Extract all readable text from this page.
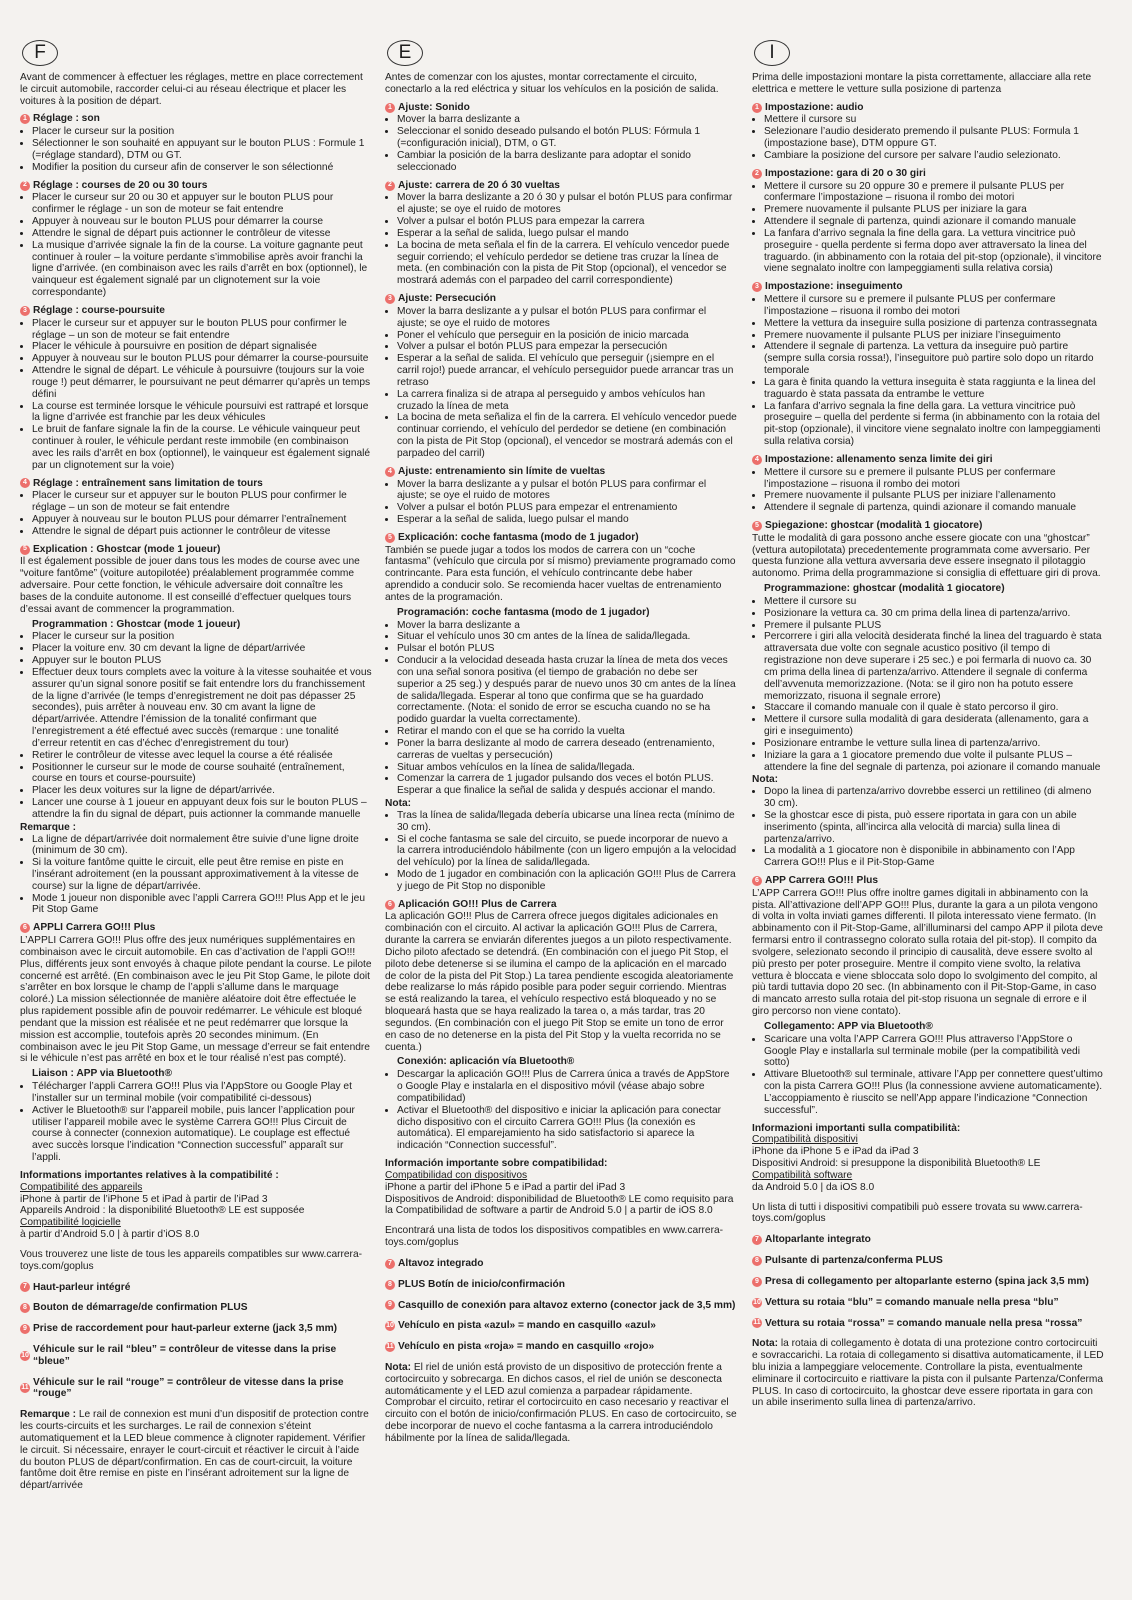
F
Avant de commencer à effectuer les réglages, mettre en place correctement le circuit automobile, raccorder celui-ci au réseau électrique et placer les voitures à la position de départ.
1 Réglage : son
• Placer le curseur sur la position
• Sélectionner le son souhaité en appuyant sur le bouton PLUS : Formule 1 (=réglage standard), DTM ou GT.
• Modifier la position du curseur afin de conserver le son sélectionné
2 Réglage : courses de 20 ou 30 tours
• Placer le curseur sur 20 ou 30 et appuyer sur le bouton PLUS pour confirmer le réglage - un son de moteur se fait entendre
• Appuyer à nouveau sur le bouton PLUS pour démarrer la course
• Attendre le signal de départ puis actionner le contrôleur de vitesse
• La musique d’arrivée signale la fin de la course. La voiture gagnante peut continuer à rouler – la voiture perdante s’immobilise après avoir franchi la ligne d’arrivée. (en combinaison avec les rails d’arrêt en box (optionnel), le vainqueur est également signalé par un clignotement sur la voie correspondante)
3 Réglage : course-poursuite
• Placer le curseur sur et appuyer sur le bouton PLUS pour confirmer le réglage – un son de moteur se fait entendre
• Placer le véhicule à poursuivre en position de départ signalisée
• Appuyer à nouveau sur le bouton PLUS pour démarrer la course-poursuite
• Attendre le signal de départ. Le véhicule à poursuivre (toujours sur la voie rouge !) peut démarrer, le poursuivant ne peut démarrer qu’après un temps défini
• La course est terminée lorsque le véhicule poursuivi est rattrapé et lorsque la ligne d’arrivée est franchie par les deux véhicules
• Le bruit de fanfare signale la fin de la course. Le véhicule vainqueur peut continuer à rouler, le véhicule perdant reste immobile (en combinaison avec les rails d’arrêt en box (optionnel), le vainqueur est également signalé par un clignotement sur la voie)
4 Réglage : entraînement sans limitation de tours
• Placer le curseur sur et appuyer sur le bouton PLUS pour confirmer le réglage – un son de moteur se fait entendre
• Appuyer à nouveau sur le bouton PLUS pour démarrer l’entraînement
• Attendre le signal de départ puis actionner le contrôleur de vitesse
5 Explication : Ghostcar (mode 1 joueur)
Il est également possible de jouer dans tous les modes de course avec une “voiture fantôme” (voiture autopilotée) préalablement programmée comme adversaire. Pour cette fonction, le véhicule adversaire doit connaître les bases de la conduite autonome. Il est conseillé d’effectuer quelques tours d’essai avant de commencer la programmation.
Programmation : Ghostcar (mode 1 joueur)
• Placer le curseur sur la position
• Placer la voiture env. 30 cm devant la ligne de départ/arrivée
• Appuyer sur le bouton PLUS
• Effectuer deux tours complets avec la voiture à la vitesse souhaitée et vous assurer qu’un signal sonore positif se fait entendre lors du franchissement de la ligne d’arrivée (le temps d’enregistrement ne doit pas dépasser 25 secondes), puis arrêter à nouveau env. 30 cm avant la ligne de départ/arrivée. Attendre l’émission de la tonalité confirmant que l’enregistrement a été effectué avec succès (remarque : une tonalité d’erreur retentit en cas d’échec d’enregistrement du tour)
• Retirer le contrôleur de vitesse avec lequel la course a été réalisée
• Positionner le curseur sur le mode de course souhaité (entraînement, course en tours et course-poursuite)
• Placer les deux voitures sur la ligne de départ/arrivée.
• Lancer une course à 1 joueur en appuyant deux fois sur le bouton PLUS – attendre la fin du signal de départ, puis actionner la commande manuelle
Remarque :
• La ligne de départ/arrivée doit normalement être suivie d’une ligne droite (minimum de 30 cm).
• Si la voiture fantôme quitte le circuit, elle peut être remise en piste en l’insérant adroitement (en la poussant approximativement à la vitesse de course) sur la ligne de départ/arrivée.
• Mode 1 joueur non disponible avec l’appli Carrera GO!!! Plus App et le jeu Pit Stop Game
6 APPLI Carrera GO!!! Plus
L’APPLI Carrera GO!!! Plus offre des jeux numériques supplémentaires en combinaison avec le circuit automobile. En cas d’activation de l’appli GO!!! Plus, différents jeux sont envoyés à chaque pilote pendant la course. Le pilote concerné est arrêté. (En combinaison avec le jeu Pit Stop Game, le pilote doit s’arrêter en box lorsque le champ de l’appli s’allume dans le marquage coloré.) La mission sélectionnée de manière aléatoire doit être effectuée le plus rapidement possible afin de pouvoir redémarrer. Le véhicule est bloqué pendant que la mission est réalisée et ne peut redémarrer que lorsque la mission est accomplie, toutefois après 20 secondes minimum. (En combinaison avec le jeu Pit Stop Game, un message d’erreur se fait entendre si le véhicule n’est pas arrêté en box et le tour réalisé n’est pas compté).
Liaison : APP via Bluetooth®
• Télécharger l’appli Carrera GO!!! Plus via l’AppStore ou Google Play et l’installer sur un terminal mobile (voir compatibilité ci-dessous)
• Activer le Bluetooth® sur l’appareil mobile, puis lancer l’application pour utiliser l’appareil mobile avec le système Carrera GO!!! Plus Circuit de course à connecter (connexion automatique). Le couplage est effectué avec succès lorsque l’indication “Connection successful” apparaît sur l’appli.
Informations importantes relatives à la compatibilité :
Compatibilité des appareils
iPhone à partir de l’iPhone 5 et iPad à partir de l’iPad 3
Appareils Android : la disponibilité Bluetooth® LE est supposée
Compatibilité logicielle
à partir d’Android 5.0 | à partir d’iOS 8.0
Vous trouverez une liste de tous les appareils compatibles sur www.carrera-toys.com/goplus
7 Haut-parleur intégré
8 Bouton de démarrage/de confirmation PLUS
9 Prise de raccordement pour haut-parleur externe (jack 3,5 mm)
10
Véhicule sur le rail “bleu” = contrôleur de vitesse dans la prise “bleue”
11
Véhicule sur le rail “rouge” = contrôleur de vitesse dans la prise “rouge”
Remarque : Le rail de connexion est muni d’un dispositif de protection contre les courts-circuits et les surcharges. Le rail de connexion s’éteint automatiquement et la LED bleue commence à clignoter rapidement. Vérifier le circuit. Si nécessaire, enrayer le court-circuit et réactiver le circuit à l’aide du bouton PLUS de départ/confirmation. En cas de court-circuit, la voiture fantôme doit être remise en piste en l’insérant adroitement sur la ligne de départ/arrivée
E
Antes de comenzar con los ajustes, montar correctamente el circuito, conectarlo a la red eléctrica y situar los vehículos en la posición de salida.
1 Ajuste: Sonido
• Mover la barra deslizante a
• Seleccionar el sonido deseado pulsando el botón PLUS: Fórmula 1 (=configuración inicial), DTM, o GT.
• Cambiar la posición de la barra deslizante para adoptar el sonido seleccionado
2 Ajuste: carrera de 20 ó 30 vueltas
• Mover la barra deslizante a 20 ó 30 y pulsar el botón PLUS para confirmar el ajuste; se oye el ruido de motores
• Volver a pulsar el botón PLUS para empezar la carrera
• Esperar a la señal de salida, luego pulsar el mando
• La bocina de meta señala el fin de la carrera. El vehículo vencedor puede seguir corriendo; el vehículo perdedor se detiene tras cruzar la línea de meta. (en combinación con la pista de Pit Stop (opcional), el vencedor se mostrará además con el parpadeo del carril correspondiente)
3 Ajuste: Persecución
• Mover la barra deslizante a y pulsar el botón PLUS para confirmar el ajuste; se oye el ruido de motores
• Poner el vehículo que perseguir en la posición de inicio marcada
• Volver a pulsar el botón PLUS para empezar la persecución
• Esperar a la señal de salida. El vehículo que perseguir (¡siempre en el carril rojo!) puede arrancar, el vehículo perseguidor puede arrancar tras un retraso
• La carrera finaliza si de atrapa al perseguido y ambos vehículos han cruzado la línea de meta
• La bocina de meta señaliza el fin de la carrera. El vehículo vencedor puede continuar corriendo, el vehículo del perdedor se detiene (en combinación con la pista de Pit Stop (opcional), el vencedor se mostrará además con el parpadeo del carril)
4 Ajuste: entrenamiento sin límite de vueltas
• Mover la barra deslizante a y pulsar el botón PLUS para confirmar el ajuste; se oye el ruido de motores
• Volver a pulsar el botón PLUS para empezar el entrenamiento
• Esperar a la señal de salida, luego pulsar el mando
5 Explicación: coche fantasma (modo de 1 jugador)
También se puede jugar a todos los modos de carrera con un “coche fantasma” (vehículo que circula por sí mismo) previamente programado como contrincante. Para esta función, el vehículo contrincante debe haber aprendido a conducir solo. Se recomienda hacer vueltas de entrenamiento antes de la programación.
Programación: coche fantasma (modo de 1 jugador)
• Mover la barra deslizante a
• Situar el vehículo unos 30 cm antes de la línea de salida/llegada.
• Pulsar el botón PLUS
• Conducir a la velocidad deseada hasta cruzar la línea de meta dos veces con una señal sonora positiva (el tiempo de grabación no debe ser superior a 25 seg.) y después parar de nuevo unos 30 cm antes de la línea de salida/llegada. Esperar al tono que confirma que se ha guardado correctamente. (Nota: el sonido de error se escucha cuando no se ha podido guardar la vuelta correctamente).
• Retirar el mando con el que se ha corrido la vuelta
• Poner la barra deslizante al modo de carrera deseado (entrenamiento, carreras de vueltas y persecución)
• Situar ambos vehículos en la línea de salida/llegada.
• Comenzar la carrera de 1 jugador pulsando dos veces el botón PLUS. Esperar a que finalice la señal de salida y después accionar el mando.
Nota:
• Tras la línea de salida/llegada debería ubicarse una línea recta (mínimo de 30 cm).
• Si el coche fantasma se sale del circuito, se puede incorporar de nuevo a la carrera introduciéndolo hábilmente (con un ligero empujón a la velocidad del vehículo) por la línea de salida/llegada.
• Modo de 1 jugador en combinación con la aplicación GO!!! Plus de Carrera y juego de Pit Stop no disponible
6 Aplicación GO!!! Plus de Carrera
La aplicación GO!!! Plus de Carrera ofrece juegos digitales adicionales en combinación con el circuito. Al activar la aplicación GO!!! Plus de Carrera, durante la carrera se enviarán diferentes juegos a un piloto respectivamente. Dicho piloto afectado se detendrá. (En combinación con el juego Pit Stop, el piloto debe detenerse si se ilumina el campo de la aplicación en el marcado de color de la pista del Pit Stop.) La tarea pendiente escogida aleatoriamente debe realizarse lo más rápido posible para poder seguir corriendo. Mientras se está realizando la tarea, el vehículo respectivo está bloqueado y no se bloqueará hasta que se haya realizado la tarea o, a más tardar, tras 20 segundos. (En combinación con el juego Pit Stop se emite un tono de error en caso de no detenerse en la pista del Pit Stop y la vuelta recorrida no se cuenta.)
Conexión: aplicación vía Bluetooth®
• Descargar la aplicación GO!!! Plus de Carrera única a través de AppStore o Google Play e instalarla en el dispositivo móvil (véase abajo sobre compatibilidad)
• Activar el Bluetooth® del dispositivo e iniciar la aplicación para conectar dicho dispositivo con el circuito Carrera GO!!! Plus (la conexión es automática). El emparejamiento ha sido satisfactorio si aparece la indicación “Connection successful”.
Información importante sobre compatibilidad:
Compatibilidad con dispositivos
iPhone a partir del iPhone 5 e iPad a partir del iPad 3
Dispositivos de Android: disponibilidad de Bluetooth® LE como requisito para la Compatibilidad de software a partir de Android 5.0 | a partir de iOS 8.0
Encontrará una lista de todos los dispositivos compatibles en www.carrera-toys.com/goplus
7 Altavoz integrado
8 PLUS Botín de inicio/confirmación
9 Casquillo de conexión para altavoz externo (conector jack de 3,5 mm)
10 Vehículo en pista «azul» = mando en casquillo «azul»
11 Vehículo en pista «roja» = mando en casquillo «rojo»
Nota: El riel de unión está provisto de un dispositivo de protección frente a cortocircuito y sobrecarga. En dichos casos, el riel de unión se desconecta automáticamente y el LED azul comienza a parpadear rápidamente. Comprobar el circuito, retirar el cortocircuito en caso necesario y reactivar el circuito con el botón de inicio/confirmación PLUS. En caso de cortocircuito, se debe incorporar de nuevo el coche fantasma a la carrera introduciéndolo hábilmente por la línea de salida/llegada.
I
Prima delle impostazioni montare la pista correttamente, allacciare alla rete elettrica e mettere le vetture sulla posizione di partenza
1 Impostazione: audio
• Mettere il cursore su
• Selezionare l’audio desiderato premendo il pulsante PLUS: Formula 1 (impostazione base), DTM oppure GT.
• Cambiare la posizione del cursore per salvare l’audio selezionato.
2 Impostazione: gara di 20 o 30 giri
• Mettere il cursore su 20 oppure 30 e premere il pulsante PLUS per confermare l’impostazione – risuona il rombo dei motori
• Premere nuovamente il pulsante PLUS per iniziare la gara
• Attendere il segnale di partenza, quindi azionare il comando manuale
• La fanfara d’arrivo segnala la fine della gara. La vettura vincitrice può proseguire - quella perdente si ferma dopo aver attraversato la linea del traguardo. (in abbinamento con la rotaia del pit-stop (opzionale), il vincitore viene segnalato inoltre con lampeggiamenti sulla relativa corsia)
3 Impostazione: inseguimento
• Mettere il cursore su e premere il pulsante PLUS per confermare l’impostazione – risuona il rombo dei motori
• Mettere la vettura da inseguire sulla posizione di partenza contrassegnata
• Premere nuovamente il pulsante PLUS per iniziare l’inseguimento
• Attendere il segnale di partenza. La vettura da inseguire può partire (sempre sulla corsia rossa!), l’inseguitore può partire solo dopo un ritardo temporale
• La gara è finita quando la vettura inseguita è stata raggiunta e la linea del traguardo è stata passata da entrambe le vetture
• La fanfara d’arrivo segnala la fine della gara. La vettura vincitrice può proseguire – quella del perdente si ferma (in abbinamento con la rotaia del pit-stop (opzionale), il vincitore viene segnalato inoltre con lampeggiamenti sulla relativa corsia)
4 Impostazione: allenamento senza limite dei giri
• Mettere il cursore su e premere il pulsante PLUS per confermare l’impostazione – risuona il rombo dei motori
• Premere nuovamente il pulsante PLUS per iniziare l’allenamento
• Attendere il segnale di partenza, quindi azionare il comando manuale
5 Spiegazione: ghostcar (modalità 1 giocatore)
Tutte le modalità di gara possono anche essere giocate con una “ghostcar” (vettura autopilotata) precedentemente programmata come avversario. Per questa funzione alla vettura avversaria deve essere insegnato il pilotaggio autonomo. Prima della programmazione si consiglia di effettuare giri di prova.
Programmazione: ghostcar (modalità 1 giocatore)
• Mettere il cursore su
• Posizionare la vettura ca. 30 cm prima della linea di partenza/arrivo.
• Premere il pulsante PLUS
• Percorrere i giri alla velocità desiderata finché la linea del traguardo è stata attraversata due volte con segnale acustico positivo (il tempo di registrazione non deve superare i 25 sec.) e poi fermarla di nuovo ca. 30 cm prima della linea di partenza/arrivo. Attendere il segnale di conferma dell’avvenuta memorizzazione. (Nota: se il giro non ha potuto essere memorizzato, risuona il segnale errore)
• Staccare il comando manuale con il quale è stato percorso il giro.
• Mettere il cursore sulla modalità di gara desiderata (allenamento, gara a giri e inseguimento)
• Posizionare entrambe le vetture sulla linea di partenza/arrivo.
• Iniziare la gara a 1 giocatore premendo due volte il pulsante PLUS – attendere la fine del segnale di partenza, poi azionare il comando manuale
Nota:
• Dopo la linea di partenza/arrivo dovrebbe esserci un rettilineo (di almeno 30 cm).
• Se la ghostcar esce di pista, può essere riportata in gara con un abile inserimento (spinta, all’incirca alla velocità di marcia) sulla linea di partenza/arrivo.
• La modalità a 1 giocatore non è disponibile in abbinamento con l’App Carrera GO!!! Plus e il Pit-Stop-Game
6 APP Carrera GO!!! Plus
L’APP Carrera GO!!! Plus offre inoltre games digitali in abbinamento con la pista. All’attivazione dell’APP GO!!! Plus, durante la gara a un pilota vengono di volta in volta inviati games differenti. Il pilota interessato viene fermato. (In abbinamento con il Pit-Stop-Game, all’illuminarsi del campo APP il pilota deve fermarsi entro il contrassegno colorato sulla rotaia del pit-stop). Il compito da svolgere, selezionato secondo il principio di causalità, deve essere svolto al più presto per poter proseguire. Mentre il compito viene svolto, la relativa vettura è bloccata e viene sbloccata solo dopo lo svolgimento del compito, al più tardi tuttavia dopo 20 sec. (In abbinamento con il Pit-Stop-Game, in caso di mancato arresto sulla rotaia del pit-stop risuona un segnale di errore e il giro percorso non viene contato).
Collegamento: APP via Bluetooth®
• Scaricare una volta l’APP Carrera GO!!! Plus attraverso l’AppStore o Google Play e installarla sul terminale mobile (per la compatibilità vedi sotto)
• Attivare Bluetooth® sul terminale, attivare l’App per connettere quest’ultimo con la pista Carrera GO!!! Plus (la connessione avviene automaticamente). L’accoppiamento è riuscito se nell’App appare l’indicazione “Connection successful”.
Informazioni importanti sulla compatibilità:
Compatibilità dispositivi
iPhone da iPhone 5 e iPad da iPad 3
Dispositivi Android: si presuppone la disponibilità Bluetooth® LE
Compatibilità software
da Android 5.0 | da iOS 8.0
Un lista di tutti i dispositivi compatibili può essere trovata su www.carrera-toys.com/goplus
7 Altoparlante integrato
8 Pulsante di partenza/conferma PLUS
9 Presa di collegamento per altoparlante esterno (spina jack 3,5 mm)
10 Vettura su rotaia “blu” = comando manuale nella presa “blu”
11 Vettura su rotaia “rossa” = comando manuale nella presa “rossa”
Nota: la rotaia di collegamento è dotata di una protezione contro cortocircuiti e sovraccarichi. La rotaia di collegamento si disattiva automaticamente, il LED blu inizia a lampeggiare velocemente. Controllare la pista, eventualmente eliminare il cortocircuito e riattivare la pista con il pulsante Partenza/Conferma PLUS. In caso di cortocircuito, la ghostcar deve essere riportata in gara con un abile inserimento sulla linea di partenza/arrivo.
